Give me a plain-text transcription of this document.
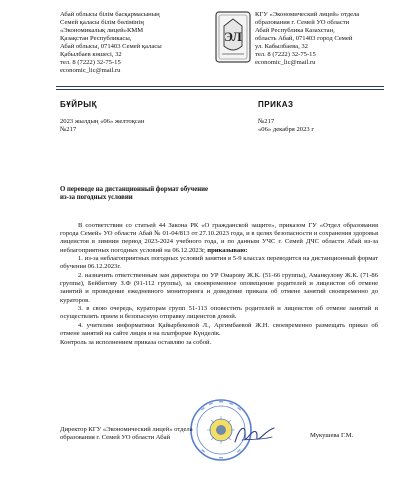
Абай облысы білім басқармасының
Семей қаласы білім бөлімінің
«Экономикалық лицей»КММ
Қазақстан Республикасы,
Абай облысы, 071403 Семей қаласы
Қабылбаев көшесі, 32
тел. 8 (7222) 32-75-15
economic_lic@mail.ru
ЭЛ
КГУ «Экономический лицей» отдела
образования г. Семей УО области
Абай Республика Казахстан,
область Абай, 071403 город Семей
ул. Кабылбаева, 32
тел. 8 (7222) 32-75-15
economic_lic@mail.ru
БҰЙРЫҚ	ПРИКАЗ
2023 жылдың «06» желтоқсан
№217
№217
«06» декабря 2023 г
О переводе на дистанционный формат обучение
из-за погодных условии

В соответствии со статьей 44 Закона РК «О гражданской защите», приказом ГУ «Отдел образования города Семей» УО области Абай № 01-04/813 от 27.10.2023 года, и в целях безопасности и сохранения здоровья лицеистов в зимнии период 2023-2024 учебного года, и по данным УЧС г. Семей ДЧС области Абай из-за неблагоприятных погодных условий на 06.12.2023г, приказываю:

1. из-за неблагоприятных погодных условий занятия в 5-9 классах переводится на дистанционный формат обучения 06.12.2023г.

2. назначить ответственным зам директора по УР Омарову Ж.К. (51-66 группы), Аманкулову Ж.К. (71-86 группы), Бейбитову З.Ф (91-112 группы), за своевременное оповещение родителей и лицеистов об отмене занятий и проведение ежедневного мониторинга и доведение приказа об отмене занятий своевременно до кураторов.

3. в свою очередь, кураторам групп 51-113 оповестить родителей и лицеистов об отмене занятий и осуществлять прием и безопасную отправку лицеистов домой.

4. учителям информатики Қайырбековой Л., Аргимбаевой Ж.Н. своевременно размещать приказ об отмене занятий на сайте лицея и на платформе Күнделік.

Контроль за исполнением приказа оставляю за собой.

Директор КГУ «Экономический лицей» отдела
образования г. Семей УО области Абай	Мукушева Г.М.
